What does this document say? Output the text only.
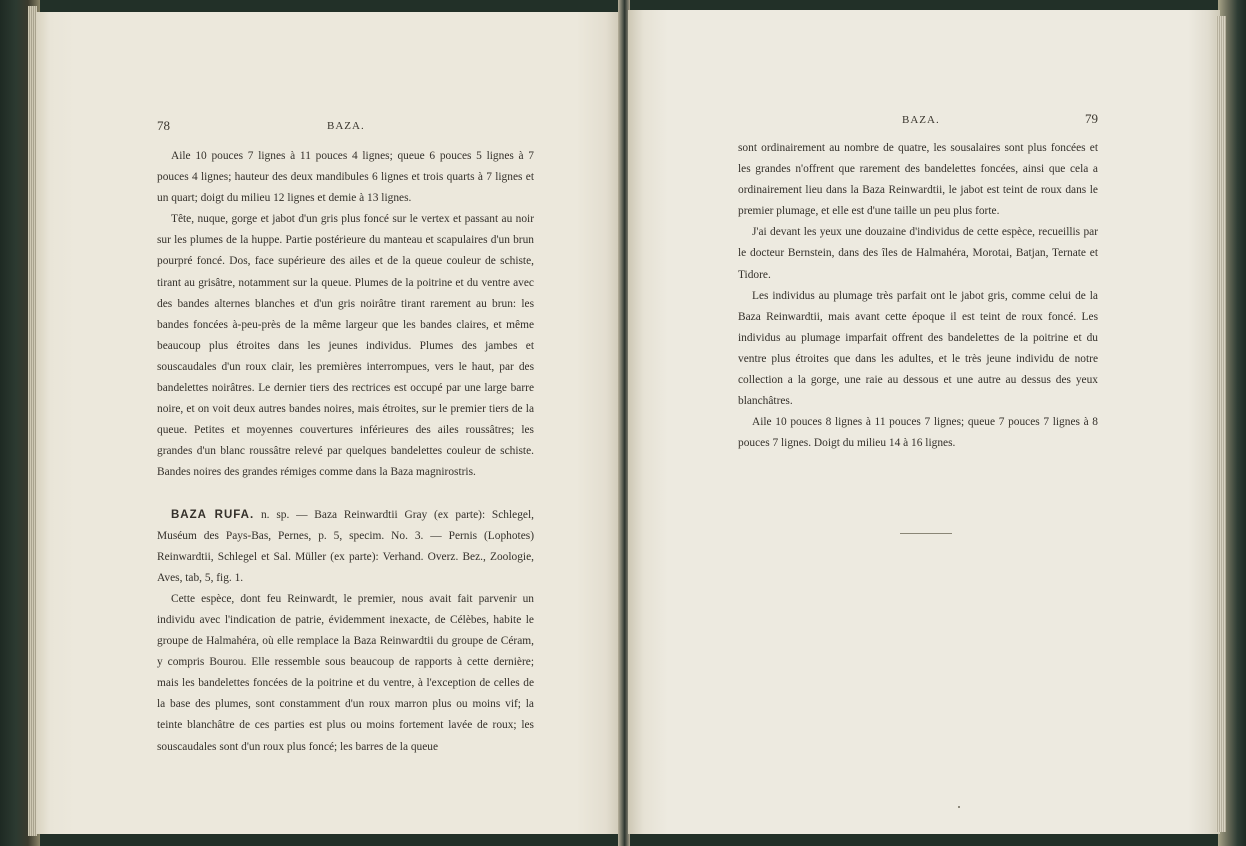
78	BAZA.

Aile 10 pouces 7 lignes à 11 pouces 4 lignes; queue 6 pouces 5 lignes à 7 pouces 4 lignes; hauteur des deux mandibules 6 lignes et trois quarts à 7 lignes et un quart; doigt du milieu 12 lignes et demie à 13 lignes.

Tête, nuque, gorge et jabot d'un gris plus foncé sur le vertex et passant au noir sur les plumes de la huppe. Partie postérieure du manteau et scapulaires d'un brun pourpré foncé. Dos, face supérieure des ailes et de la queue couleur de schiste, tirant au grisâtre, notamment sur la queue. Plumes de la poitrine et du ventre avec des bandes alternes blanches et d'un gris noirâtre tirant rarement au brun: les bandes foncées à-peu-près de la même largeur que les bandes claires, et même beaucoup plus étroites dans les jeunes individus. Plumes des jambes et souscaudales d'un roux clair, les premières interrompues, vers le haut, par des bandelettes noirâtres. Le dernier tiers des rectrices est occupé par une large barre noire, et on voit deux autres bandes noires, mais étroites, sur le premier tiers de la queue. Petites et moyennes couvertures inférieures des ailes roussâtres; les grandes d'un blanc roussâtre relevé par quelques bandelettes couleur de schiste. Bandes noires des grandes rémiges comme dans la Baza magnirostris.

BAZA RUFA. n. sp. — Baza Reinwardtii Gray (ex parte): Schlegel, Muséum des Pays-Bas, Pernes, p. 5, specim. No. 3. — Pernis (Lophotes) Reinwardtii, Schlegel et Sal. Müller (ex parte): Verhand. Overz. Bez., Zoologie, Aves, tab, 5, fig. 1.

Cette espèce, dont feu Reinwardt, le premier, nous avait fait parvenir un individu avec l'indication de patrie, évidemment inexacte, de Célèbes, habite le groupe de Halmahéra, où elle remplace la Baza Reinwardtii du groupe de Céram, y compris Bourou. Elle ressemble sous beaucoup de rapports à cette dernière; mais les bandelettes foncées de la poitrine et du ventre, à l'exception de celles de la base des plumes, sont constamment d'un roux marron plus ou moins vif; la teinte blanchâtre de ces parties est plus ou moins fortement lavée de roux; les souscaudales sont d'un roux plus foncé; les barres de la queue

BAZA.	79

sont ordinairement au nombre de quatre, les sousalaires sont plus foncées et les grandes n'offrent que rarement des bandelettes foncées, ainsi que cela a ordinairement lieu dans la Baza Reinwardtii, le jabot est teint de roux dans le premier plumage, et elle est d'une taille un peu plus forte.

J'ai devant les yeux une douzaine d'individus de cette espèce, recueillis par le docteur Bernstein, dans des îles de Halmahéra, Morotai, Batjan, Ternate et Tidore.

Les individus au plumage très parfait ont le jabot gris, comme celui de la Baza Reinwardtii, mais avant cette époque il est teint de roux foncé. Les individus au plumage imparfait offrent des bandelettes de la poitrine et du ventre plus étroites que dans les adultes, et le très jeune individu de notre collection a la gorge, une raie au dessous et une autre au dessus des yeux blanchâtres.

Aile 10 pouces 8 lignes à 11 pouces 7 lignes; queue 7 pouces 7 lignes à 8 pouces 7 lignes. Doigt du milieu 14 à 16 lignes.
